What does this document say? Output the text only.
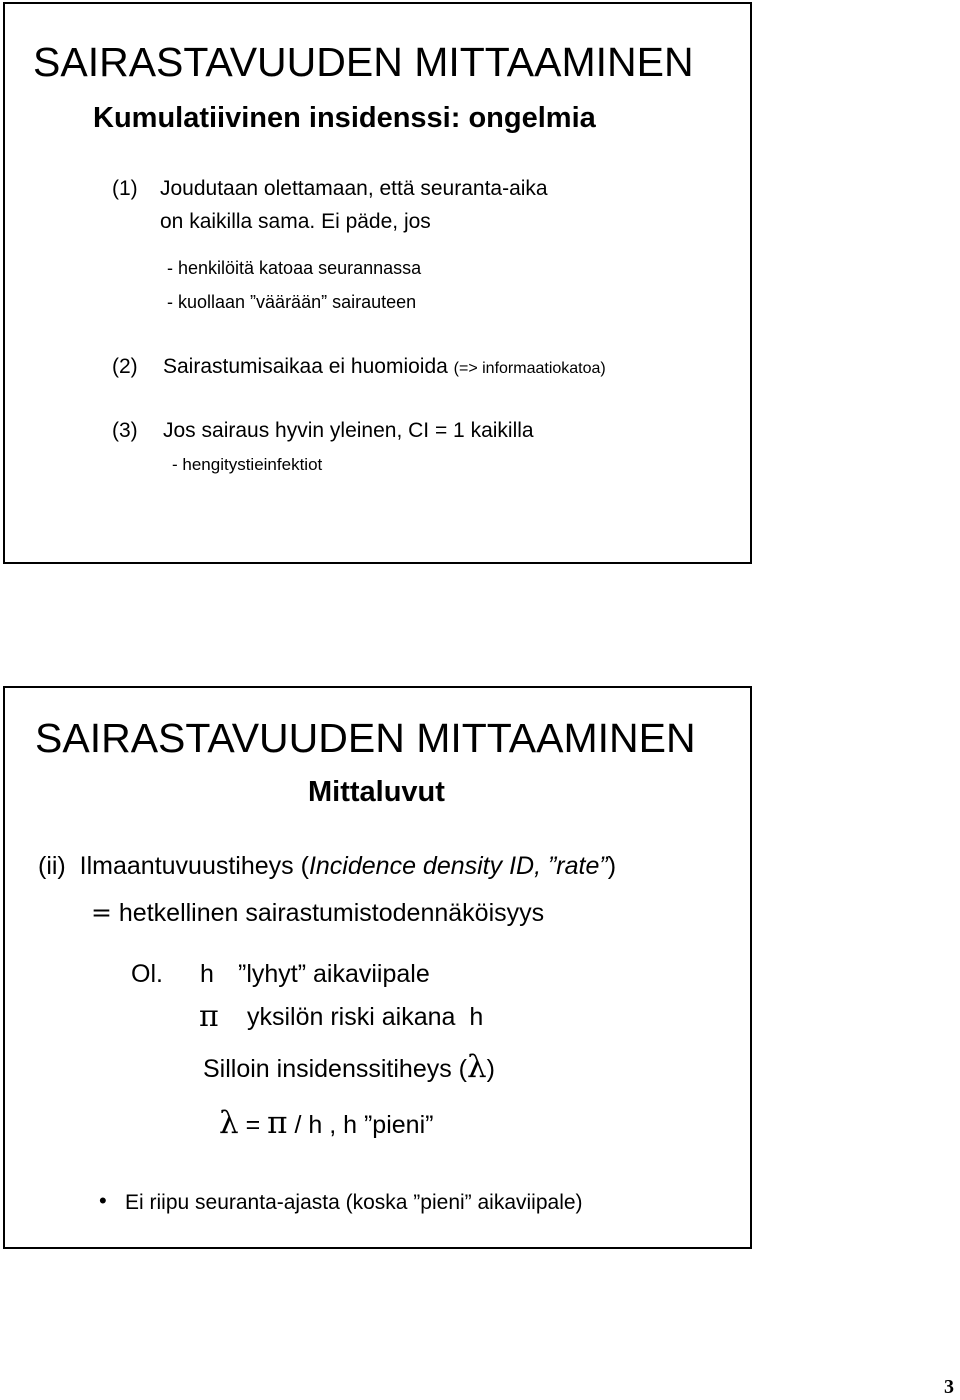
SAIRASTAVUUDEN MITTAAMINEN
Kumulatiivinen insidenssi: ongelmia
(1) Joudutaan olettamaan, että seuranta-aika
on kaikilla sama. Ei päde, jos
- henkilöitä katoaa seurannassa
- kuollaan ”väärään” sairauteen
(2) Sairastumisaikaa ei huomioida (=> informaatiokatoa)
(3) Jos sairaus hyvin yleinen, CI = 1 kaikilla
- hengitystieinfektiot
SAIRASTAVUUDEN MITTAAMINEN
Mittaluvut
(ii) Ilmaantuvuustiheys (Incidence density ID, ”rate”)
= hetkellinen sairastumistodennäköisyys
Ol. h ”lyhyt” aikaviipale
π yksilön riski aikana h
Silloin insidenssitiheys (λ)
λ = π / h , h ”pieni”
• Ei riipu seuranta-ajasta (koska ”pieni” aikaviipale)
3
